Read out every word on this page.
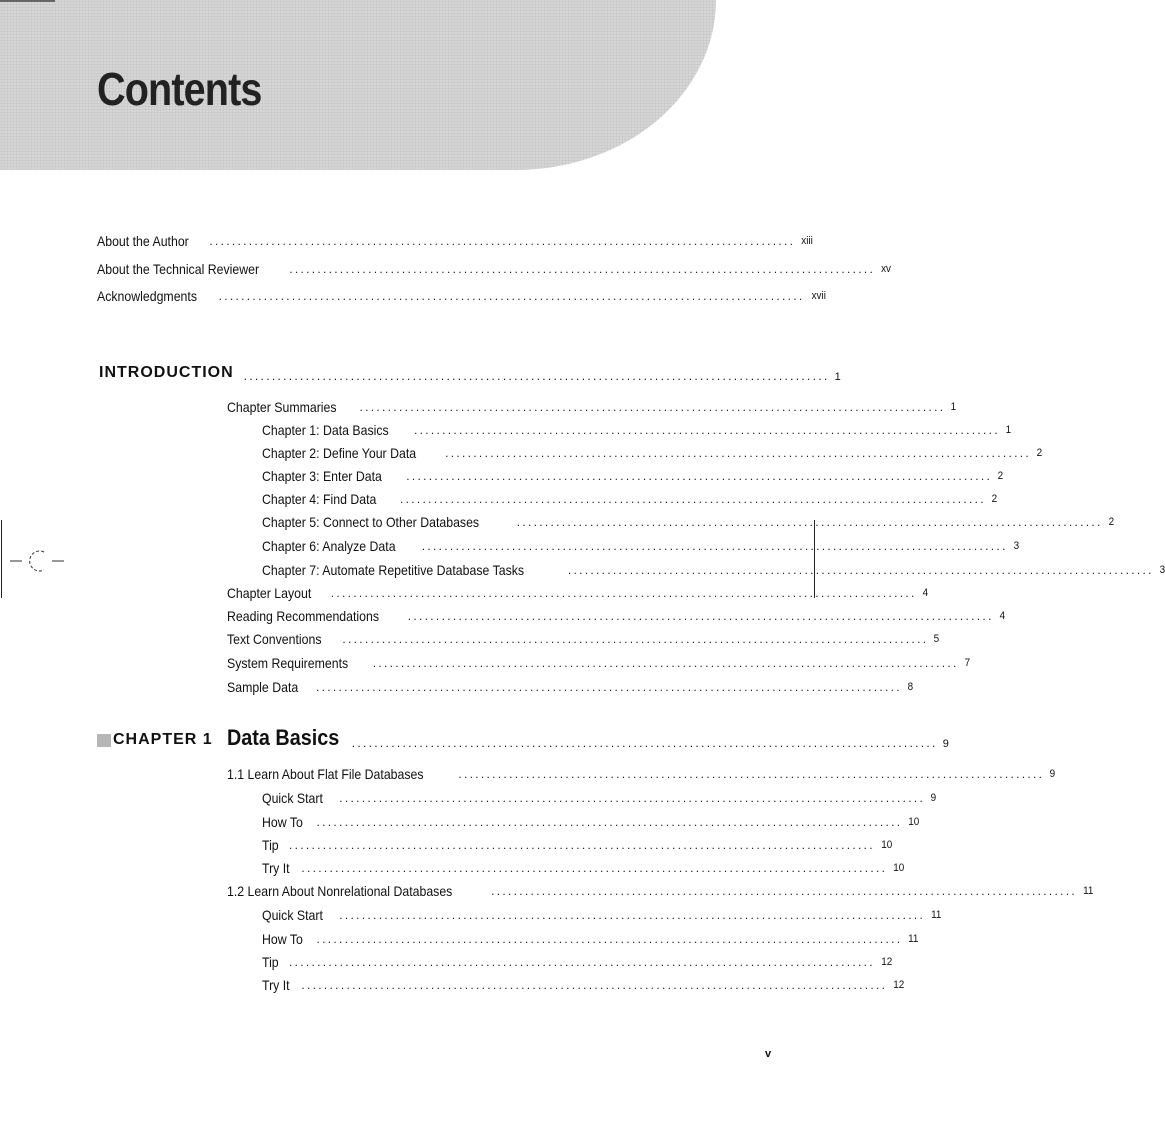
Contents
About the Author	........................................................................................................ xiii
About the Technical Reviewer	........................................................................................................ xv
Acknowledgments	........................................................................................................ xvii
INTRODUCTION ........................................................................................................ 1
Chapter Summaries	........................................................................................................ 1
Chapter 1: Data Basics	........................................................................................................ 1
Chapter 2: Define Your Data	........................................................................................................ 2
Chapter 3: Enter Data	........................................................................................................ 2
Chapter 4: Find Data	........................................................................................................ 2
Chapter 5: Connect to Other Databases	........................................................................................................ 2
Chapter 6: Analyze Data	........................................................................................................ 3
Chapter 7: Automate Repetitive Database Tasks	........................................................................................................ 3
Chapter Layout	........................................................................................................ 4
Reading Recommendations	........................................................................................................ 4
Text Conventions	........................................................................................................ 5
System Requirements	........................................................................................................ 7
Sample Data	........................................................................................................ 8
CHAPTER 1 Data Basics ........................................................................................................ 9
1.1 Learn About Flat File Databases	........................................................................................................ 9
Quick Start	........................................................................................................ 9
How To	........................................................................................................ 10
Tip ........................................................................................................ 10
Try It ........................................................................................................ 10
1.2 Learn About Nonrelational Databases	........................................................................................................ 11
Quick Start	........................................................................................................ 11
How To	........................................................................................................ 11
Tip ........................................................................................................ 12
Try It ........................................................................................................ 12
v
